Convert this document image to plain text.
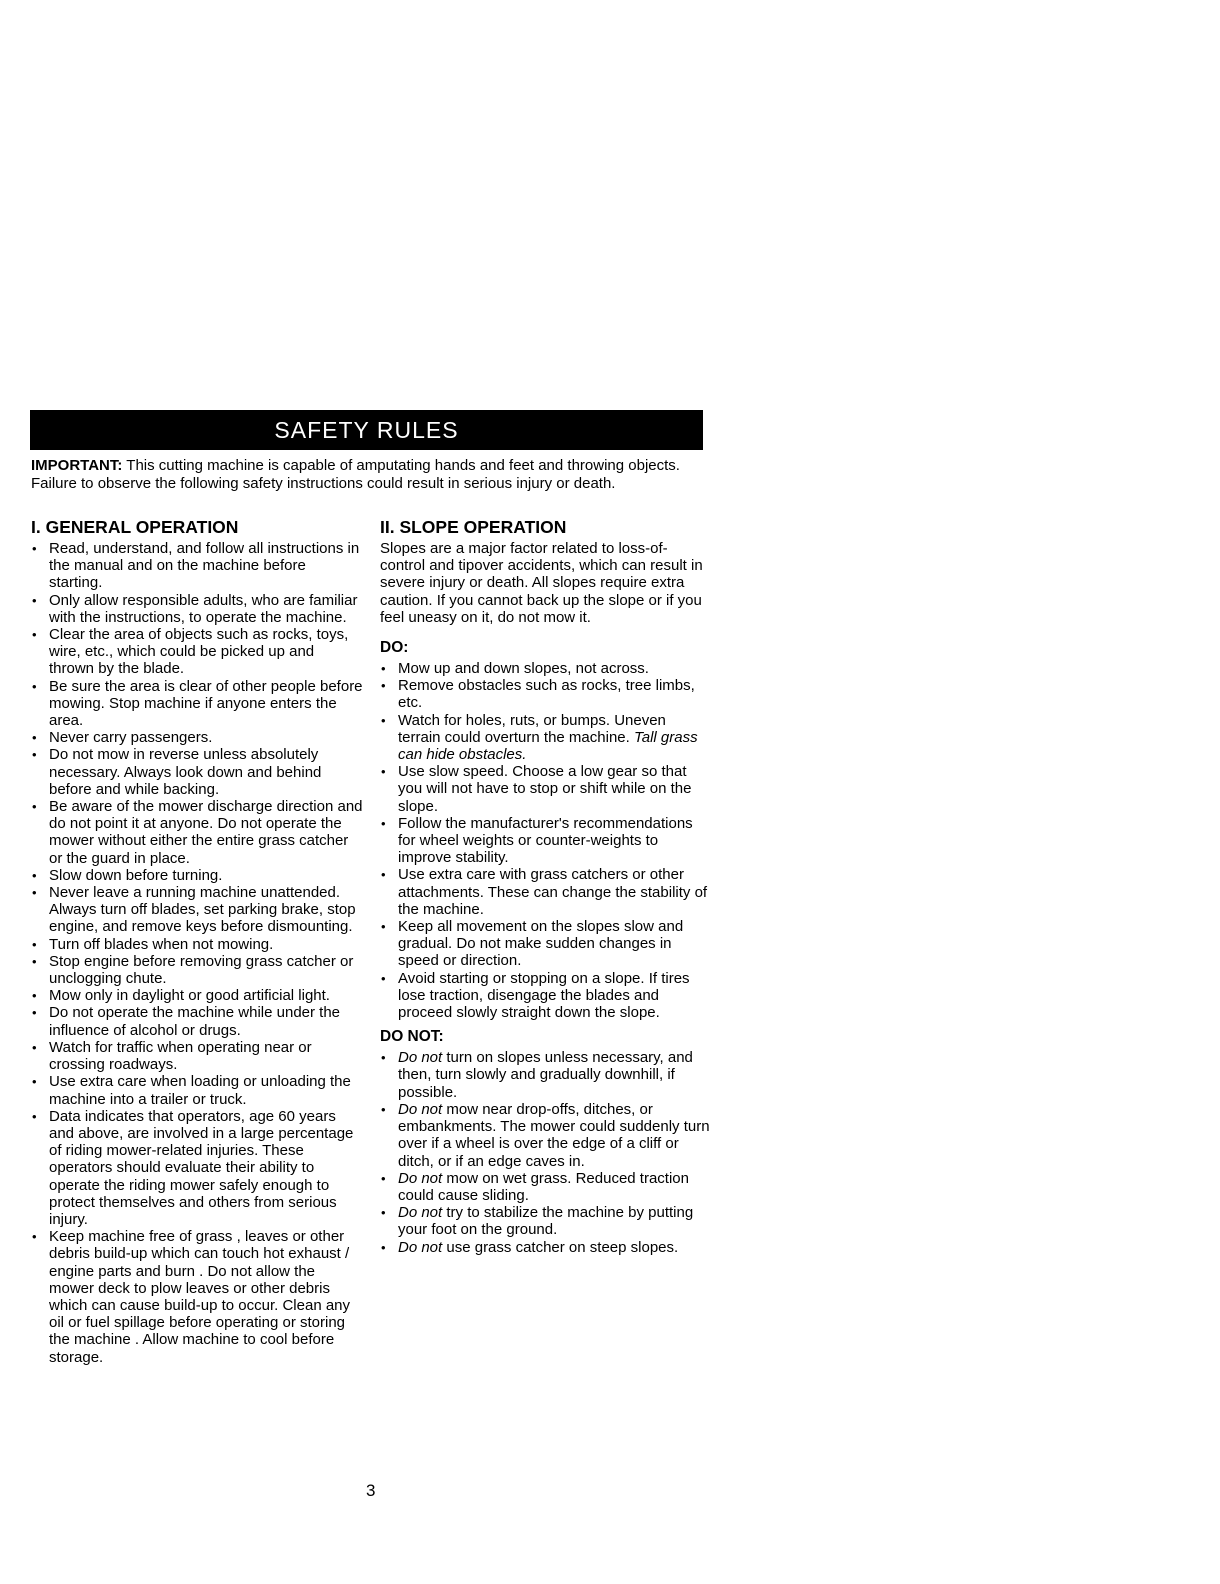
SAFETY RULES
IMPORTANT: This cutting machine is capable of amputating hands and feet and throwing objects. Failure to observe the following safety instructions could result in serious injury or death.
I. GENERAL OPERATION
• Read, understand, and follow all instructions in the manual and on the machine before starting.
• Only allow responsible adults, who are familiar with the instructions, to operate the machine.
• Clear the area of objects such as rocks, toys, wire, etc., which could be picked up and thrown by the blade.
• Be sure the area is clear of other people before mowing. Stop machine if anyone enters the area.
• Never carry passengers.
• Do not mow in reverse unless absolutely necessary. Always look down and behind before and while backing.
• Be aware of the mower discharge direction and do not point it at anyone. Do not operate the mower without either the entire grass catcher or the guard in place.
• Slow down before turning.
• Never leave a running machine unattended. Always turn off blades, set parking brake, stop engine, and remove keys before dismounting.
• Turn off blades when not mowing.
• Stop engine before removing grass catcher or unclogging chute.
• Mow only in daylight or good artificial light.
• Do not operate the machine while under the influence of alcohol or drugs.
• Watch for traffic when operating near or crossing roadways.
• Use extra care when loading or unloading the machine into a trailer or truck.
• Data indicates that operators, age 60 years and above, are involved in a large percentage of riding mower-related injuries. These operators should evaluate their ability to operate the riding mower safely enough to protect themselves and others from serious injury.
• Keep machine free of grass , leaves or other debris build-up which can touch hot exhaust / engine parts and burn . Do not allow the mower deck to plow leaves or other debris which can cause build-up to occur. Clean any oil or fuel spillage before operating or storing the machine . Allow machine to cool before storage.
II. SLOPE OPERATION

Slopes are a major factor related to loss-of-control and tipover accidents, which can result in severe injury or death. All slopes require extra caution. If you cannot back up the slope or if you feel uneasy on it, do not mow it.

DO:
• Mow up and down slopes, not across.
• Remove obstacles such as rocks, tree limbs, etc.
• Watch for holes, ruts, or bumps. Uneven terrain could overturn the machine. Tall grass can hide obstacles.
• Use slow speed. Choose a low gear so that you will not have to stop or shift while on the slope.
• Follow the manufacturer's recommendations for wheel weights or counter-weights to improve stability.
• Use extra care with grass catchers or other attachments. These can change the stability of the machine.
• Keep all movement on the slopes slow and gradual. Do not make sudden changes in speed or direction.
• Avoid starting or stopping on a slope. If tires lose traction, disengage the blades and proceed slowly straight down the slope.
DO NOT:
• Do not turn on slopes unless necessary, and then, turn slowly and gradually downhill, if possible.
• Do not mow near drop-offs, ditches, or embankments. The mower could suddenly turn over if a wheel is over the edge of a cliff or ditch, or if an edge caves in.
• Do not mow on wet grass. Reduced traction could cause sliding.
• Do not try to stabilize the machine by putting your foot on the ground.
• Do not use grass catcher on steep slopes.
3
